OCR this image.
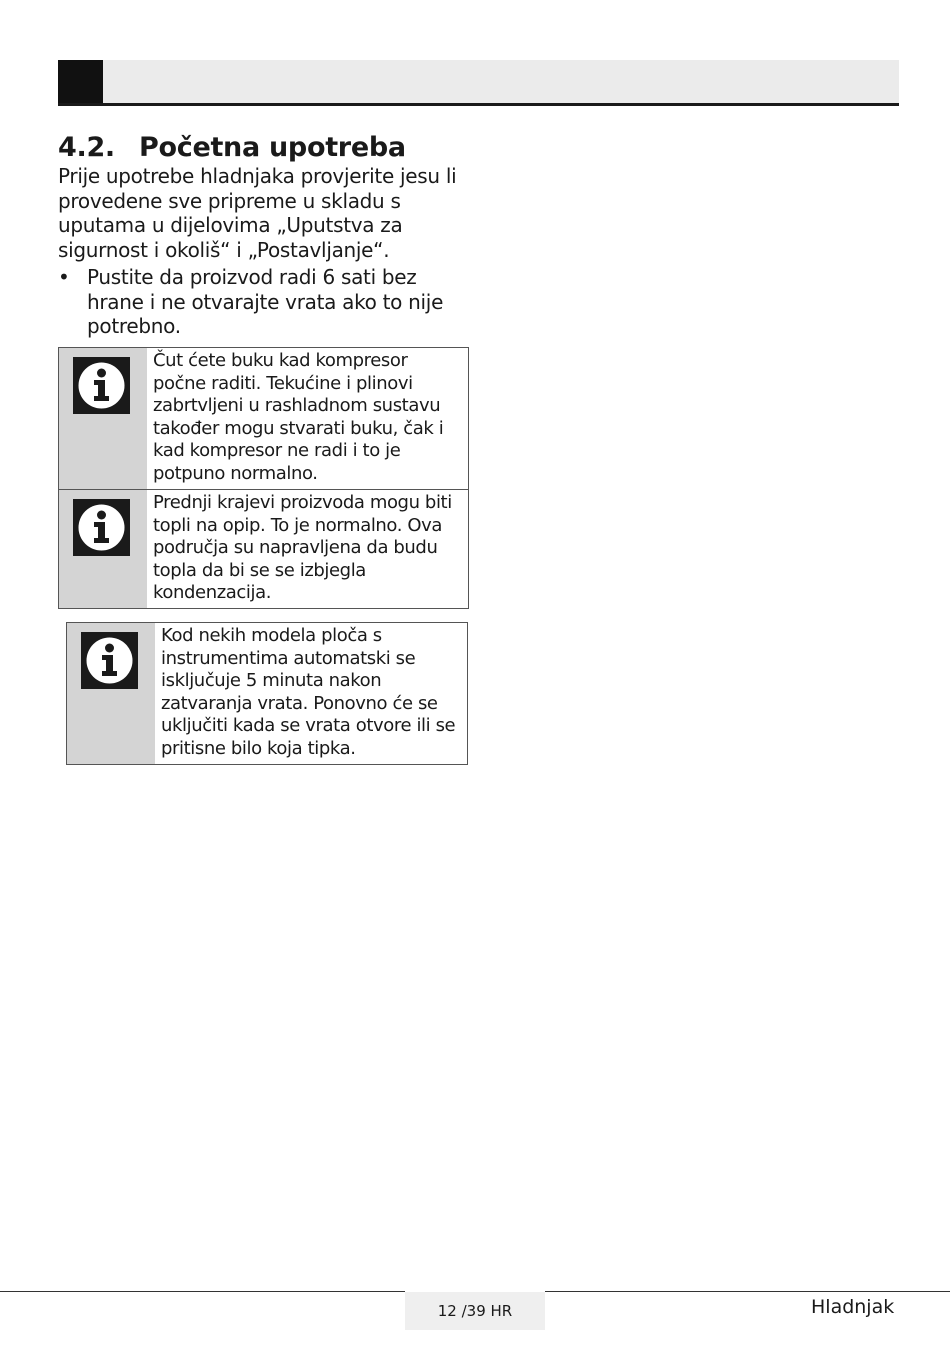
4.2. Početna upotreba

Prije upotrebe hladnjaka provjerite jesu li provedene sve pripreme u skladu s uputama u dijelovima „Uputstva za sigurnost i okoliš“ i „Postavljanje“.

• Pustite da proizvod radi 6 sati bez hrane i ne otvarajte vrata ako to nije potrebno.
Čut ćete buku kad kompresor počne raditi. Tekućine i plinovi zabrtvljeni u rashladnom sustavu također mogu stvarati buku, čak i kad kompresor ne radi i to je potpuno normalno.
Prednji krajevi proizvoda mogu biti topli na opip. To je normalno. Ova područja su napravljena da budu topla da bi se se izbjegla kondenzacija.
Kod nekih modela ploča s instrumentima automatski se isključuje 5 minuta nakon zatvaranja vrata. Ponovno će se uključiti kada se vrata otvore ili se pritisne bilo koja tipka.
12 /39 HR	Hladnjak
